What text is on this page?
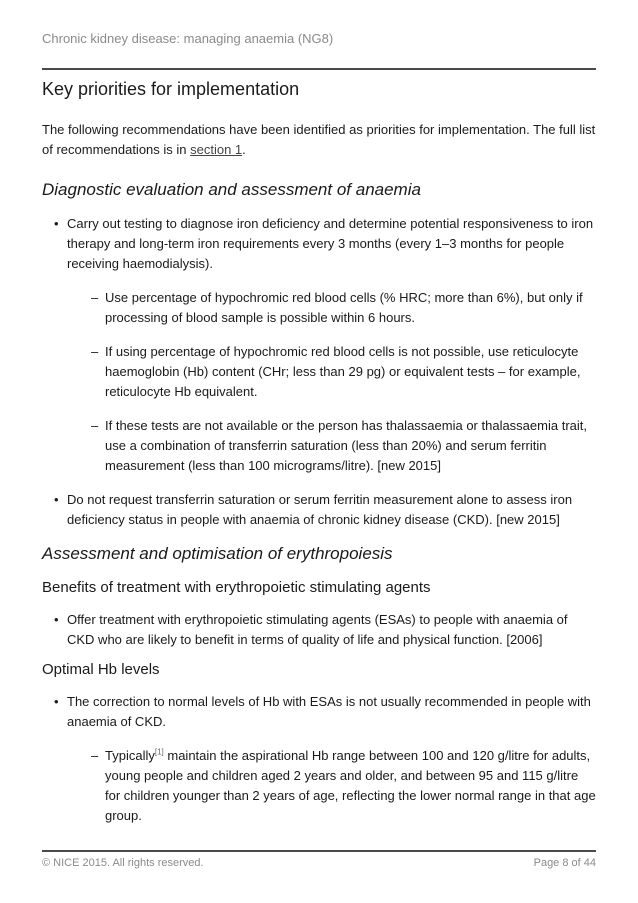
Chronic kidney disease: managing anaemia (NG8)
Key priorities for implementation

The following recommendations have been identified as priorities for implementation. The full list of recommendations is in section 1.

Diagnostic evaluation and assessment of anaemia
• Carry out testing to diagnose iron deficiency and determine potential responsiveness to iron therapy and long-term iron requirements every 3 months (every 1–3 months for people receiving haemodialysis).
– Use percentage of hypochromic red blood cells (% HRC; more than 6%), but only if processing of blood sample is possible within 6 hours.
– If using percentage of hypochromic red blood cells is not possible, use reticulocyte haemoglobin (Hb) content (CHr; less than 29 pg) or equivalent tests – for example, reticulocyte Hb equivalent.
– If these tests are not available or the person has thalassaemia or thalassaemia trait, use a combination of transferrin saturation (less than 20%) and serum ferritin measurement (less than 100 micrograms/litre). [new 2015]
• Do not request transferrin saturation or serum ferritin measurement alone to assess iron deficiency status in people with anaemia of chronic kidney disease (CKD). [new 2015]
Assessment and optimisation of erythropoiesis
Benefits of treatment with erythropoietic stimulating agents
• Offer treatment with erythropoietic stimulating agents (ESAs) to people with anaemia of CKD who are likely to benefit in terms of quality of life and physical function. [2006]
Optimal Hb levels
• The correction to normal levels of Hb with ESAs is not usually recommended in people with anaemia of CKD.
– Typically[1] maintain the aspirational Hb range between 100 and 120 g/litre for adults, young people and children aged 2 years and older, and between 95 and 115 g/litre for children younger than 2 years of age, reflecting the lower normal range in that age group.
© NICE 2015. All rights reserved.	Page 8 of 44
